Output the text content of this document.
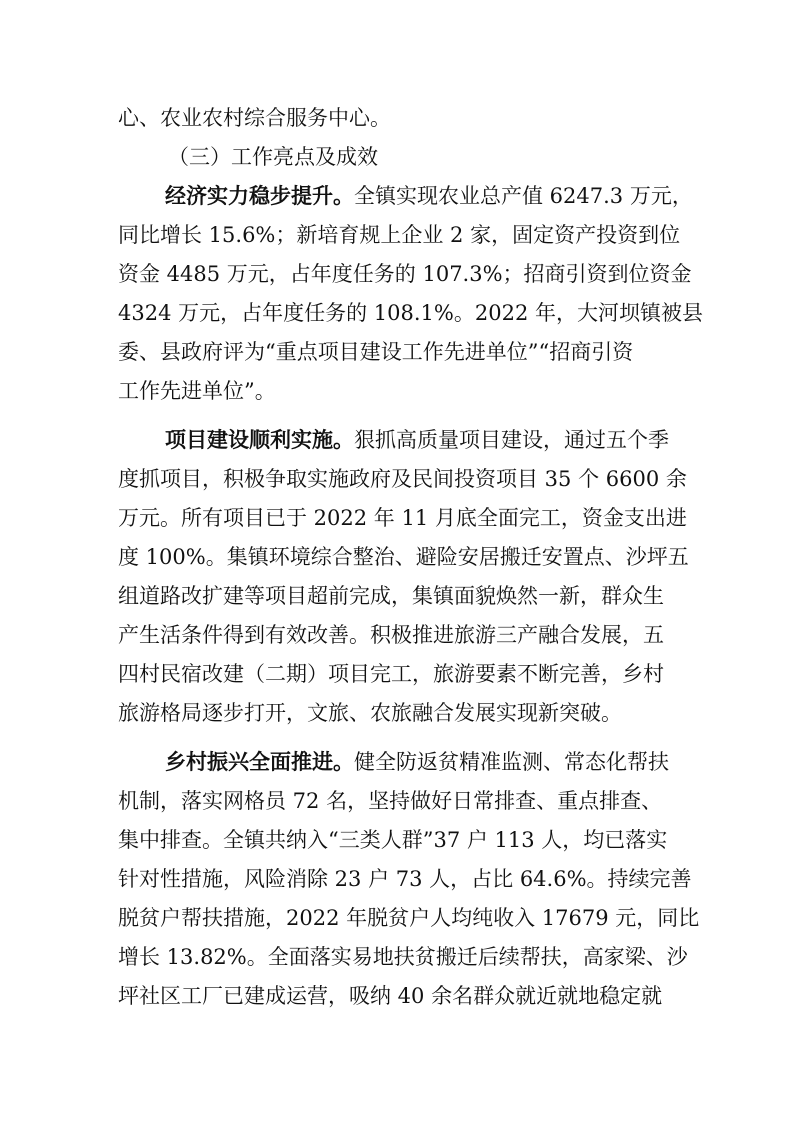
心、农业农村综合服务中心。
（三）工作亮点及成效
经济实力稳步提升。全镇实现农业总产值 6247.3 万元，
同比增长 15.6%；新培育规上企业 2 家，固定资产投资到位
资金 4485 万元，占年度任务的 107.3%；招商引资到位资金
4324 万元，占年度任务的 108.1%。2022 年，大河坝镇被县
委、县政府评为“重点项目建设工作先进单位”“招商引资
工作先进单位”。
项目建设顺利实施。狠抓高质量项目建设，通过五个季
度抓项目，积极争取实施政府及民间投资项目 35 个 6600 余
万元。所有项目已于 2022 年 11 月底全面完工，资金支出进
度 100%。集镇环境综合整治、避险安居搬迁安置点、沙坪五
组道路改扩建等项目超前完成，集镇面貌焕然一新，群众生
产生活条件得到有效改善。积极推进旅游三产融合发展，五
四村民宿改建（二期）项目完工，旅游要素不断完善，乡村
旅游格局逐步打开，文旅、农旅融合发展实现新突破。
乡村振兴全面推进。健全防返贫精准监测、常态化帮扶
机制，落实网格员 72 名，坚持做好日常排查、重点排查、
集中排查。全镇共纳入“三类人群”37 户 113 人，均已落实
针对性措施，风险消除 23 户 73 人，占比 64.6%。持续完善
脱贫户帮扶措施，2022 年脱贫户人均纯收入 17679 元，同比
增长 13.82%。全面落实易地扶贫搬迁后续帮扶，高家梁、沙
坪社区工厂已建成运营，吸纳 40 余名群众就近就地稳定就
